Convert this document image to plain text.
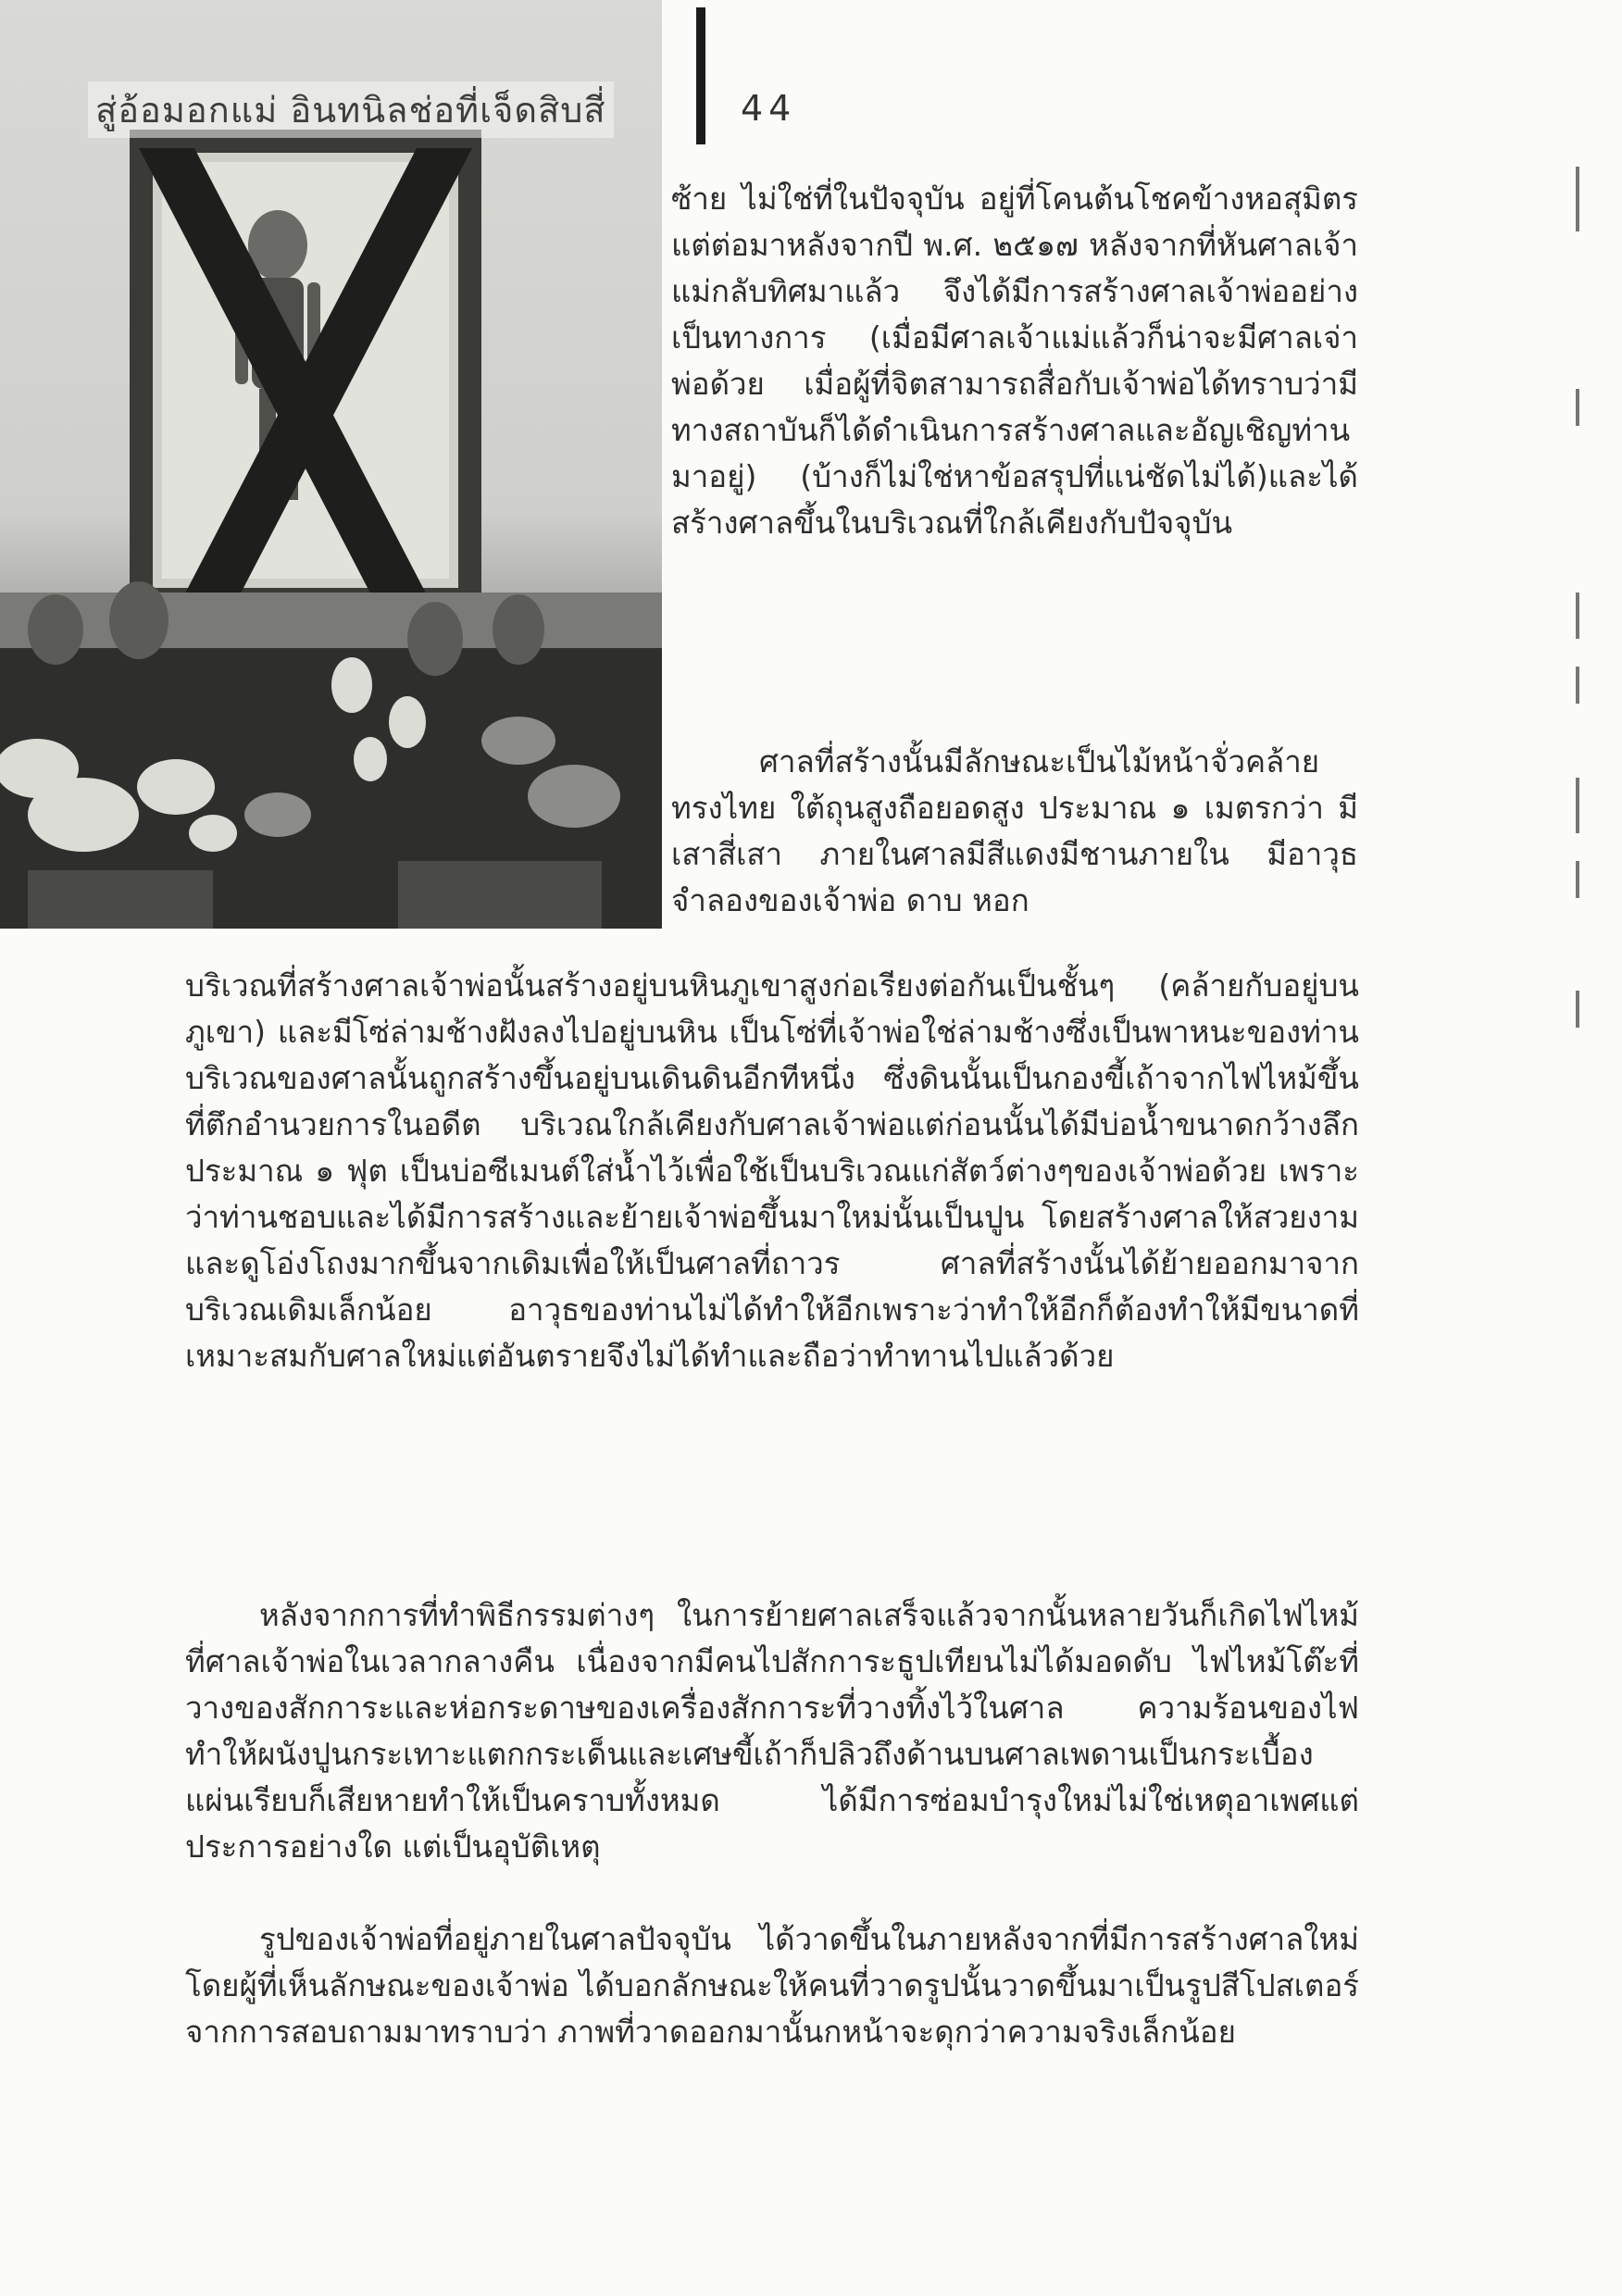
สู่อ้อมอกแม่ อินทนิลช่อที่เจ็ดสิบสี่	44

ซ้าย ไม่ใช่ที่ในปัจจุบัน อยู่ที่โคนต้นโชคข้างหอสุมิตร แต่ต่อมาหลังจากปี พ.ศ. ๒๕๑๗ หลังจากที่หันศาลเจ้าแม่กลับทิศมาแล้ว จึงได้มีการสร้างศาลเจ้าพ่ออย่างเป็นทางการ (เมื่อมีศาลเจ้าแม่แล้วก็น่าจะมีศาลเจ่าพ่อด้วย เมื่อผู้ที่จิตสามารถสื่อกับเจ้าพ่อได้ทราบว่ามี ทางสถาบันก็ได้ดำเนินการสร้างศาลและอัญเชิญท่านมาอยู่) (บ้างก็ไม่ใช่หาข้อสรุปที่แน่ชัดไม่ได้)และได้สร้างศาลขึ้นในบริเวณที่ใกล้เคียงกับปัจจุบัน

ศาลที่สร้างนั้นมีลักษณะเป็นไม้หน้าจั่วคล้ายทรงไทย ใต้ถุนสูงถือยอดสูง ประมาณ ๑ เมตรกว่า มีเสาสี่เสา ภายในศาลมีสีแดงมีชานภายใน มีอาวุธจำลองของเจ้าพ่อ ดาบ หอก

บริเวณที่สร้างศาลเจ้าพ่อนั้นสร้างอยู่บนหินภูเขาสูงก่อเรียงต่อกันเป็นชั้นๆ (คล้ายกับอยู่บนภูเขา) และมีโซ่ล่ามช้างฝังลงไปอยู่บนหิน เป็นโซ่ที่เจ้าพ่อใช่ล่ามช้างซึ่งเป็นพาหนะของท่าน บริเวณของศาลนั้นถูกสร้างขึ้นอยู่บนเดินดินอีกทีหนึ่ง ซึ่งดินนั้นเป็นกองขี้เถ้าจากไฟไหม้ขึ้นที่ตึกอำนวยการในอดีต บริเวณใกล้เคียงกับศาลเจ้าพ่อแต่ก่อนนั้นได้มีบ่อน้ำขนาดกว้างลึกประมาณ ๑ ฟุต เป็นบ่อซีเมนต์ใส่น้ำไว้เพื่อใช้เป็นบริเวณแก่สัตว์ต่างๆของเจ้าพ่อด้วย เพราะว่าท่านชอบและได้มีการสร้างและย้ายเจ้าพ่อขึ้นมาใหม่นั้นเป็นปูน โดยสร้างศาลให้สวยงามและดูโอ่งโถงมากขึ้นจากเดิมเพื่อให้เป็นศาลที่ถาวร ศาลที่สร้างนั้นได้ย้ายออกมาจากบริเวณเดิมเล็กน้อย อาวุธของท่านไม่ได้ทำให้อีกเพราะว่าทำให้อีกก็ต้องทำให้มีขนาดที่เหมาะสมกับศาลใหม่แต่อันตรายจึงไม่ได้ทำและถือว่าทำทานไปแล้วด้วย

หลังจากการที่ทำพิธีกรรมต่างๆ ในการย้ายศาลเสร็จแล้วจากนั้นหลายวันก็เกิดไฟไหม้ที่ศาลเจ้าพ่อในเวลากลางคืน เนื่องจากมีคนไปสักการะธูปเทียนไม่ได้มอดดับ ไฟไหม้โต๊ะที่วางของสักการะและห่อกระดาษของเครื่องสักการะที่วางทิ้งไว้ในศาล ความร้อนของไฟทำให้ผนังปูนกระเทาะแตกกระเด็นและเศษขี้เถ้าก็ปลิวถึงด้านบนศาลเพดานเป็นกระเบื้องแผ่นเรียบก็เสียหายทำให้เป็นคราบทั้งหมด ได้มีการซ่อมบำรุงใหม่ไม่ใช่เหตุอาเพศแต่ประการอย่างใด แต่เป็นอุบัติเหตุ

รูปของเจ้าพ่อที่อยู่ภายในศาลปัจจุบัน ได้วาดขึ้นในภายหลังจากที่มีการสร้างศาลใหม่ โดยผู้ที่เห็นลักษณะของเจ้าพ่อ ได้บอกลักษณะให้คนที่วาดรูปนั้นวาดขึ้นมาเป็นรูปสีโปสเตอร์ จากการสอบถามมาทราบว่า ภาพที่วาดออกมานั้นกหน้าจะดุกว่าความจริงเล็กน้อย
